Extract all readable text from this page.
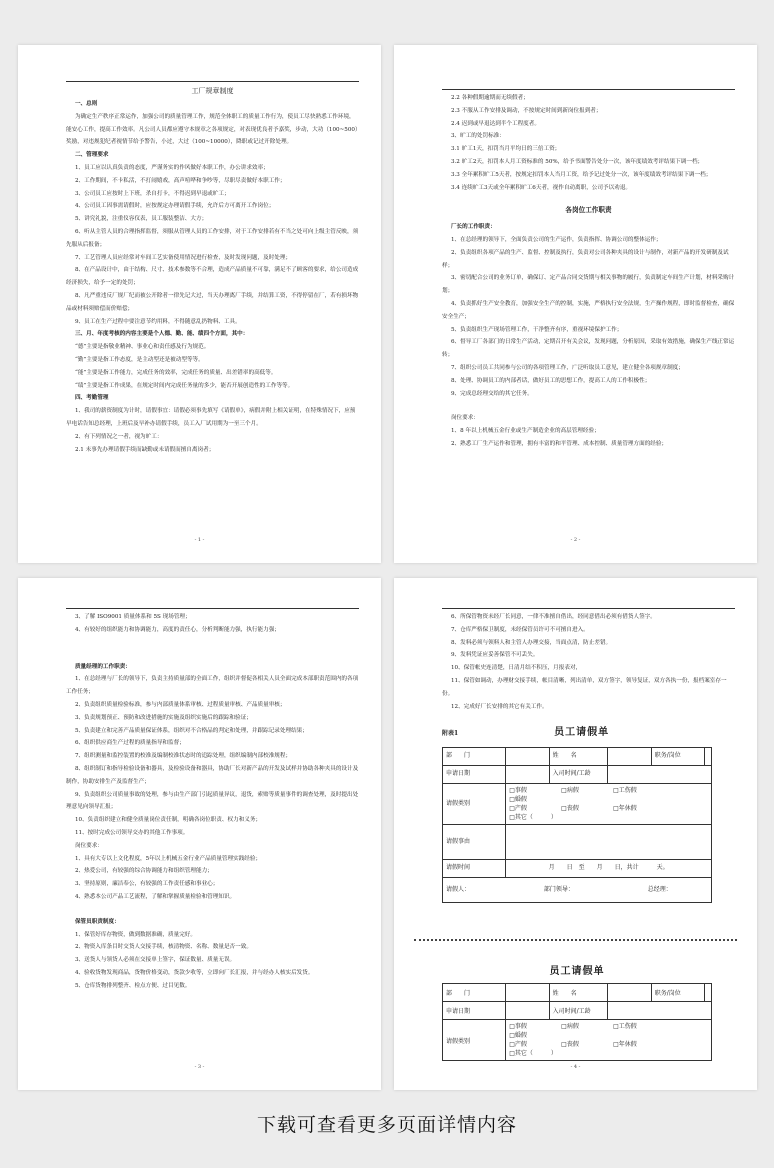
工厂规章制度

一、总则

为确定生产秩序正常运作，加强公司的质量管理工作，规范全体职工的质量工作行为，使员工尽快熟悉工作环境，能安心工作，提高工作效率。凡公司人员都应遵守本规章之各项规定，对表现优良者予嘉奖，步动，大功（100~500）奖励，对违规犯纪者视情节给予警告，小过，大过（100~10000），降职或记过开除处理。

二、管理要求

1、员工应以认真负责的态度，严谨务实的作风做好本职工作，办公讲求效率；

2、工作期间，不卡私活，不打闹嬉戏，高声喧哗和争吵等，尽职尽责做好本职工作；

3、公司员工应按时上下班，杀自打卡，不得迟到早退或旷工；

4、公司员工因事需请假时，应按规定办理请假手续，允许后方可离开工作岗位；

5、讲究礼貌，注重仪容仪表，员工服装整洁、大方；

6、听从主管人员的合理指挥监督，须服从管理人员的工作安排，对于工作安排若有不当之处可向上级主管反映，须先服从后报备；

7、工艺管理人员应经常对车间工艺实备使用情况进行检查，及时发现问题，及时处理；

8、在产品设计中，由于结构、尺寸、技术参数等不合理，造成产品质量不可靠，满足不了顾客的要求，给公司造成经济损失，给予一定的处罚；

8、凡严重违反厂规厂纪而被公开除者一律先记大过，当天办理离厂手续，并结算工资，不得停留在厂，若有损坏物品或材料须赔偿而价赔偿；

9、员工在生产过程中要注意节约用料，不得随意乱扔物料、工具。

三、月、年度考核的内容主要是个人德、勤、能、绩四个方面，其中：

“德”主要是指敬业精神、事业心和责任感及行为规范。

“勤”主要是指工作态度，是主动型还是被动型等等。

“能”主要是指工作能力，完成任务的效率，完成任务的质量、出差错率的高低等。

“绩”主要是指工作成果，在规定时间内完成任务量的多少，能否开展创造性的工作等等。

四、考勤管理

1、我司的薪资制度为计时，请假事宜：请假必须事先填写《请假单》，病假并附上相关证明，在特殊情况下，应预早电话告知总经理，上班后及早补办请假手续，员工入厂试用期为一至三个月。

2、有下列情况之一者，视为旷工：

2.1 未事先办理请假手续而缺勤或未请假而擅自离岗者；

- 1 -

2.2 各种假期逾期而无续假者；

2.3 不服从工作安排及调动，不按规定时间到新岗位报到者；

2.4 迟到或早退达到半个工程度者。

3、旷工的处罚标准：

3.1 旷工1天，扣罚当月平均日的三倍工资；

3.2 旷工2天，扣罚本人月工资标准的 50%，给予书面警告处分一次，该年度绩效考评结果下调一档；

3.3 全年累积旷工5天者，按规定扣罚本人当月工资，给予记过处分一次，该年度绩效考评结果下调一档；

3.4 连续旷工3天或全年累积旷工6天者，视作自动离职，公司予以劝退。

各岗位工作职责

厂长的工作职责：

1、在总经理的领导下，全面负责公司的生产运作，负责指挥、协调公司的整体运作；

2、负责组织各项产品的生产、监督、控制及执行，负责对公司各种夹具的设计与制作，对新产品的开发研制及试样；

3、密切配合公司的业务订单，确保订、定产品合同交货期与相关事物的履行，负责制定车间生产计划，材料采购计划；

4、负责抓好生产安全教育，加强安全生产的控制，实施，严格执行安全法规，生产操作规程，即时监督检查，确保安全生产；

5、负责组织生产现场管理工作，干净整齐有序，重视环境保护工作；

6、督导工厂各部门的日常生产活动，定期召开有关会议，发现问题，分析原因，采取有效措施，确保生产线正常运转；

7、组织公司员工共同参与公司的各项管理工作，广泛听取员工意见，建立健全各项规章制度；

8、处理、协调员工的内部者话，做好员工的思想工作，提高工人的工作积极性；

9、完成总经理交给的其它任务。

岗位要求：

1、8 年以上机械五金行业或生产制造企业的高层管理经验；

2、熟悉工厂生产运作和管理，拥有丰富的和平管理、成本控制、质量管理方面的经验；

- 2 -

3、了解 ISO9001 质量体系和 5S 现场管理；

4、有较好的组织能力和协调能力，高度的责任心，分析判断能力强，执行能力强；

质量经理的工作职责：

1、在总经理与厂长的领导下，负责主持质量部的全面工作，组织并督促各相关人员全面完成本部职责范围内的各项工作任务；

2、负责组织质量检验标准，参与内部质量体系审核、过程质量审核、产品质量审核；

3、负责规划预正、预防和改进措施的实施及组织实施后的跟踪和验证；

5、负责建立和完善产品质量保证体系，组织对不合格品的判定和处理，并跟踪记录处理结果；

6、组织供应商生产过程的质量指导和监督；

7、组织测量和监控装置的校准及编制校准状态时的追踪处理，组织编制内部校准规程；

8、组织制订和指导检验设备和器具，及检验设备和器具，协助厂长对新产品的开发及试样并协助各种夹具的设计及制作，协助安排生产及监督生产；

9、负责组织公司质量事故的处理，参与由生产部门引起质量异议，退货，索赔等质量事件的调查处理，及时提出处理意见向领导汇报；

10、负责组织建立和健全质量岗位责任制，明确各岗位职责、权力和义务；

11、按时完成公司领导交办的其他工作事项。

岗位要求：

1、具有大专以上文化程度，5年以上机械五金行业产品质量管理实践经验；

2、热爱公司，有较强的综合协调能力和组织管理能力；

3、坚持原则，廉洁奉公，有较强的工作责任感和事业心；

4、熟悉本公司产品工艺流程，了解和掌握质量检验和管理知识。

保管员职责制度：

1、保管好库存物资，做到数据准确，质量完好。

2、物资入库条目时交货人交接手续，核清物资、名称、数量是否一致。

3、送货人与领货人必须在交接单上签字，保证数量、质量无误。

4、验收货物发现商品，货物价格变动，货款少收等，立即向厂长汇报，并与经办人核实后发货。

5、仓库货物排列整齐、检点方便、过目见数。

- 3 -

6、所保管物资未经厂长同意，一律不准擅自借出，经同意借出必须有借货人签字。

7、仓库严格保卫制度，未经保管员许可不可擅自进入。

8、发料必须与领料人和主管人办理交接，当面点清，防止差错。

9、发料凭证应妥善保管不可丢失。

10、保管帐史连清楚，日清月结不积压，月报表对，

11、保管如调动，办理财交接手续，帐目清晰，列出清单，双方签字，领导复证，双方各执一份，报档案室存一份。

12、完成好厂长安排的其它有关工作。

附表1	员工请假单
部　　门		姓　　名		职务/岗位	
申请日期		入司时间/工龄			
请假类别	□事假 □病假 □工伤假 □婚假
□产假 □丧假 □年休假 □其它（　　　）				

请假事由					
请假时间	月　　日　至　　月　　日，共计　　　天。				
请假人： 部门领导： 总经理：					
员工请假单
部　　门		姓　　名		职务/岗位	
申请日期		入司时间/工龄			
请假类别	□事假 □病假 □工伤假 □婚假
□产假 □丧假 □年休假 □其它（　　　）				
- 4 -
下载可查看更多页面详情内容
